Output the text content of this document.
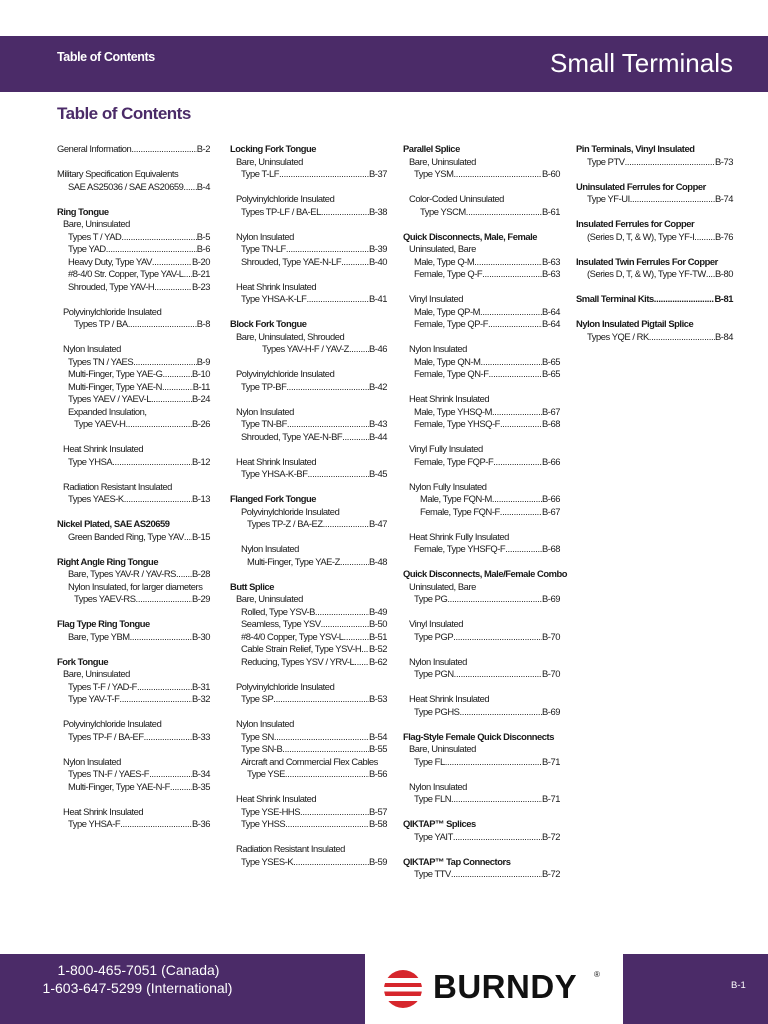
Table of Contents	Small Terminals
Table of Contents
General Information .....	B-2
Military Specification Equivalents
SAE AS25036 / SAE AS20659 ..... B-4
Ring Tongue
Bare, Uninsulated
Types T / YAD .....	B-5
Type YAD .....	B-6
Heavy Duty, Type YAV .....	B-20
#8-4/0 Str. Copper, Type YAV-L ..... B-21
Shrouded, Type YAV-H .....	B-23
Polyvinylchloride Insulated
Types TP / BA .....	B-8
Nylon Insulated
Types TN / YAES .....	B-9
Multi-Finger, Type YAE-G .....	B-10
Multi-Finger, Type YAE-N .....	B-11
Types YAEV / YAEV-L .....	B-24
Expanded Insulation,
Type YAEV-H .....	B-26
Heat Shrink Insulated
Type YHSA .....	B-12
Radiation Resistant Insulated
Types YAES-K .....	B-13
Nickel Plated, SAE AS20659
Green Banded Ring, Type YAV ..... B-15
Right Angle Ring Tongue
Bare, Types YAV-R / YAV-RS ..... B-28
Nylon Insulated, for larger diameters
Types YAEV-RS .....	B-29
Flag Type Ring Tongue
Bare, Type YBM .....	B-30
Fork Tongue
Bare, Uninsulated
Types T-F / YAD-F .....	B-31
Type YAV-T-F .....	B-32
Polyvinylchloride Insulated
Types TP-F / BA-EF .....	B-33
Nylon Insulated
Types TN-F / YAES-F .....	B-34
Multi-Finger, Type YAE-N-F ..... B-35
Heat Shrink Insulated
Type YHSA-F .....	B-36
Locking Fork Tongue
Bare, Uninsulated
Type T-LF .....	B-37
Polyvinylchloride Insulated
Types TP-LF / BA-EL .....	B-38
Nylon Insulated
Type TN-LF .....	B-39
Shrouded, Type YAE-N-LF .....	B-40
Heat Shrink Insulated
Type YHSA-K-LF .....	B-41
Block Fork Tongue
Bare, Uninsulated, Shrouded
Types YAV-H-F / YAV-Z ..... B-46
Polyvinylchloride Insulated
Type TP-BF .....	B-42
Nylon Insulated
Type TN-BF .....	B-43
Shrouded, Type YAE-N-BF .....	B-44
Heat Shrink Insulated
Type YHSA-K-BF .....	B-45
Flanged Fork Tongue
Polyvinylchloride Insulated
Types TP-Z / BA-EZ .....	B-47
Nylon Insulated
Multi-Finger, Type YAE-Z .....	B-48
Butt Splice
Bare, Uninsulated
Rolled, Type YSV-B .....	B-49
Seamless, Type YSV .....	B-50
#8-4/0 Copper, Type YSV-L .....	B-51
Cable Strain Relief, Type YSV-H ..... B-52
Reducing, Types YSV / YRV-L ..... B-62
Polyvinylchloride Insulated
Type SP .....	B-53
Nylon Insulated
Type SN .....	B-54
Type SN-B .....	B-55
Aircraft and Commercial Flex Cables
Type YSE .....	B-56
Heat Shrink Insulated
Type YSE-HHS .....	B-57
Type YHSS .....	B-58
Radiation Resistant Insulated
Type YSES-K .....	B-59
Parallel Splice
Bare, Uninsulated
Type YSM .....	B-60
Color-Coded Uninsulated
Type YSCM .....	B-61
Quick Disconnects, Male, Female
Uninsulated, Bare
Male, Type Q-M .....	B-63
Female, Type Q-F .....	B-63
Vinyl Insulated
Male, Type QP-M .....	B-64
Female, Type QP-F .....	B-64
Nylon Insulated
Male, Type QN-M .....	B-65
Female, Type QN-F .....	B-65
Heat Shrink Insulated
Male, Type YHSQ-M .....	B-67
Female, Type YHSQ-F .....	B-68
Vinyl Fully Insulated
Female, Type FQP-F .....	B-66
Nylon Fully Insulated
Male, Type FQN-M .....	B-66
Female, Type FQN-F .....	B-67
Heat Shrink Fully Insulated
Female, Type YHSFQ-F .....	B-68
Quick Disconnects, Male/Female Combo
Uninsulated, Bare
Type PG .....	B-69
Vinyl Insulated
Type PGP .....	B-70
Nylon Insulated
Type PGN .....	B-70
Heat Shrink Insulated
Type PGHS .....	B-69
Flag-Style Female Quick Disconnects
Bare, Uninsulated
Type FL .....	B-71
Nylon Insulated
Type FLN .....	B-71
QIKTAP™ Splices
Type YAIT .....	B-72
QIKTAP™ Tap Connectors
Type TTV .....	B-72
Pin Terminals, Vinyl Insulated
Type PTV .....	B-73
Uninsulated Ferrules for Copper
Type YF-UI .....	B-74
Insulated Ferrules for Copper
(Series D, T, & W), Type YF-I ..... B-76
Insulated Twin Ferrules For Copper
(Series D, T, & W), Type YF-TW ..... B-80
Small Terminal Kits .....	B-81
Nylon Insulated Pigtail Splice
Types YQE / RK .....	B-84
1-800-465-7051 (Canada)
1-603-647-5299 (International)	BURNDY ®
B-1
